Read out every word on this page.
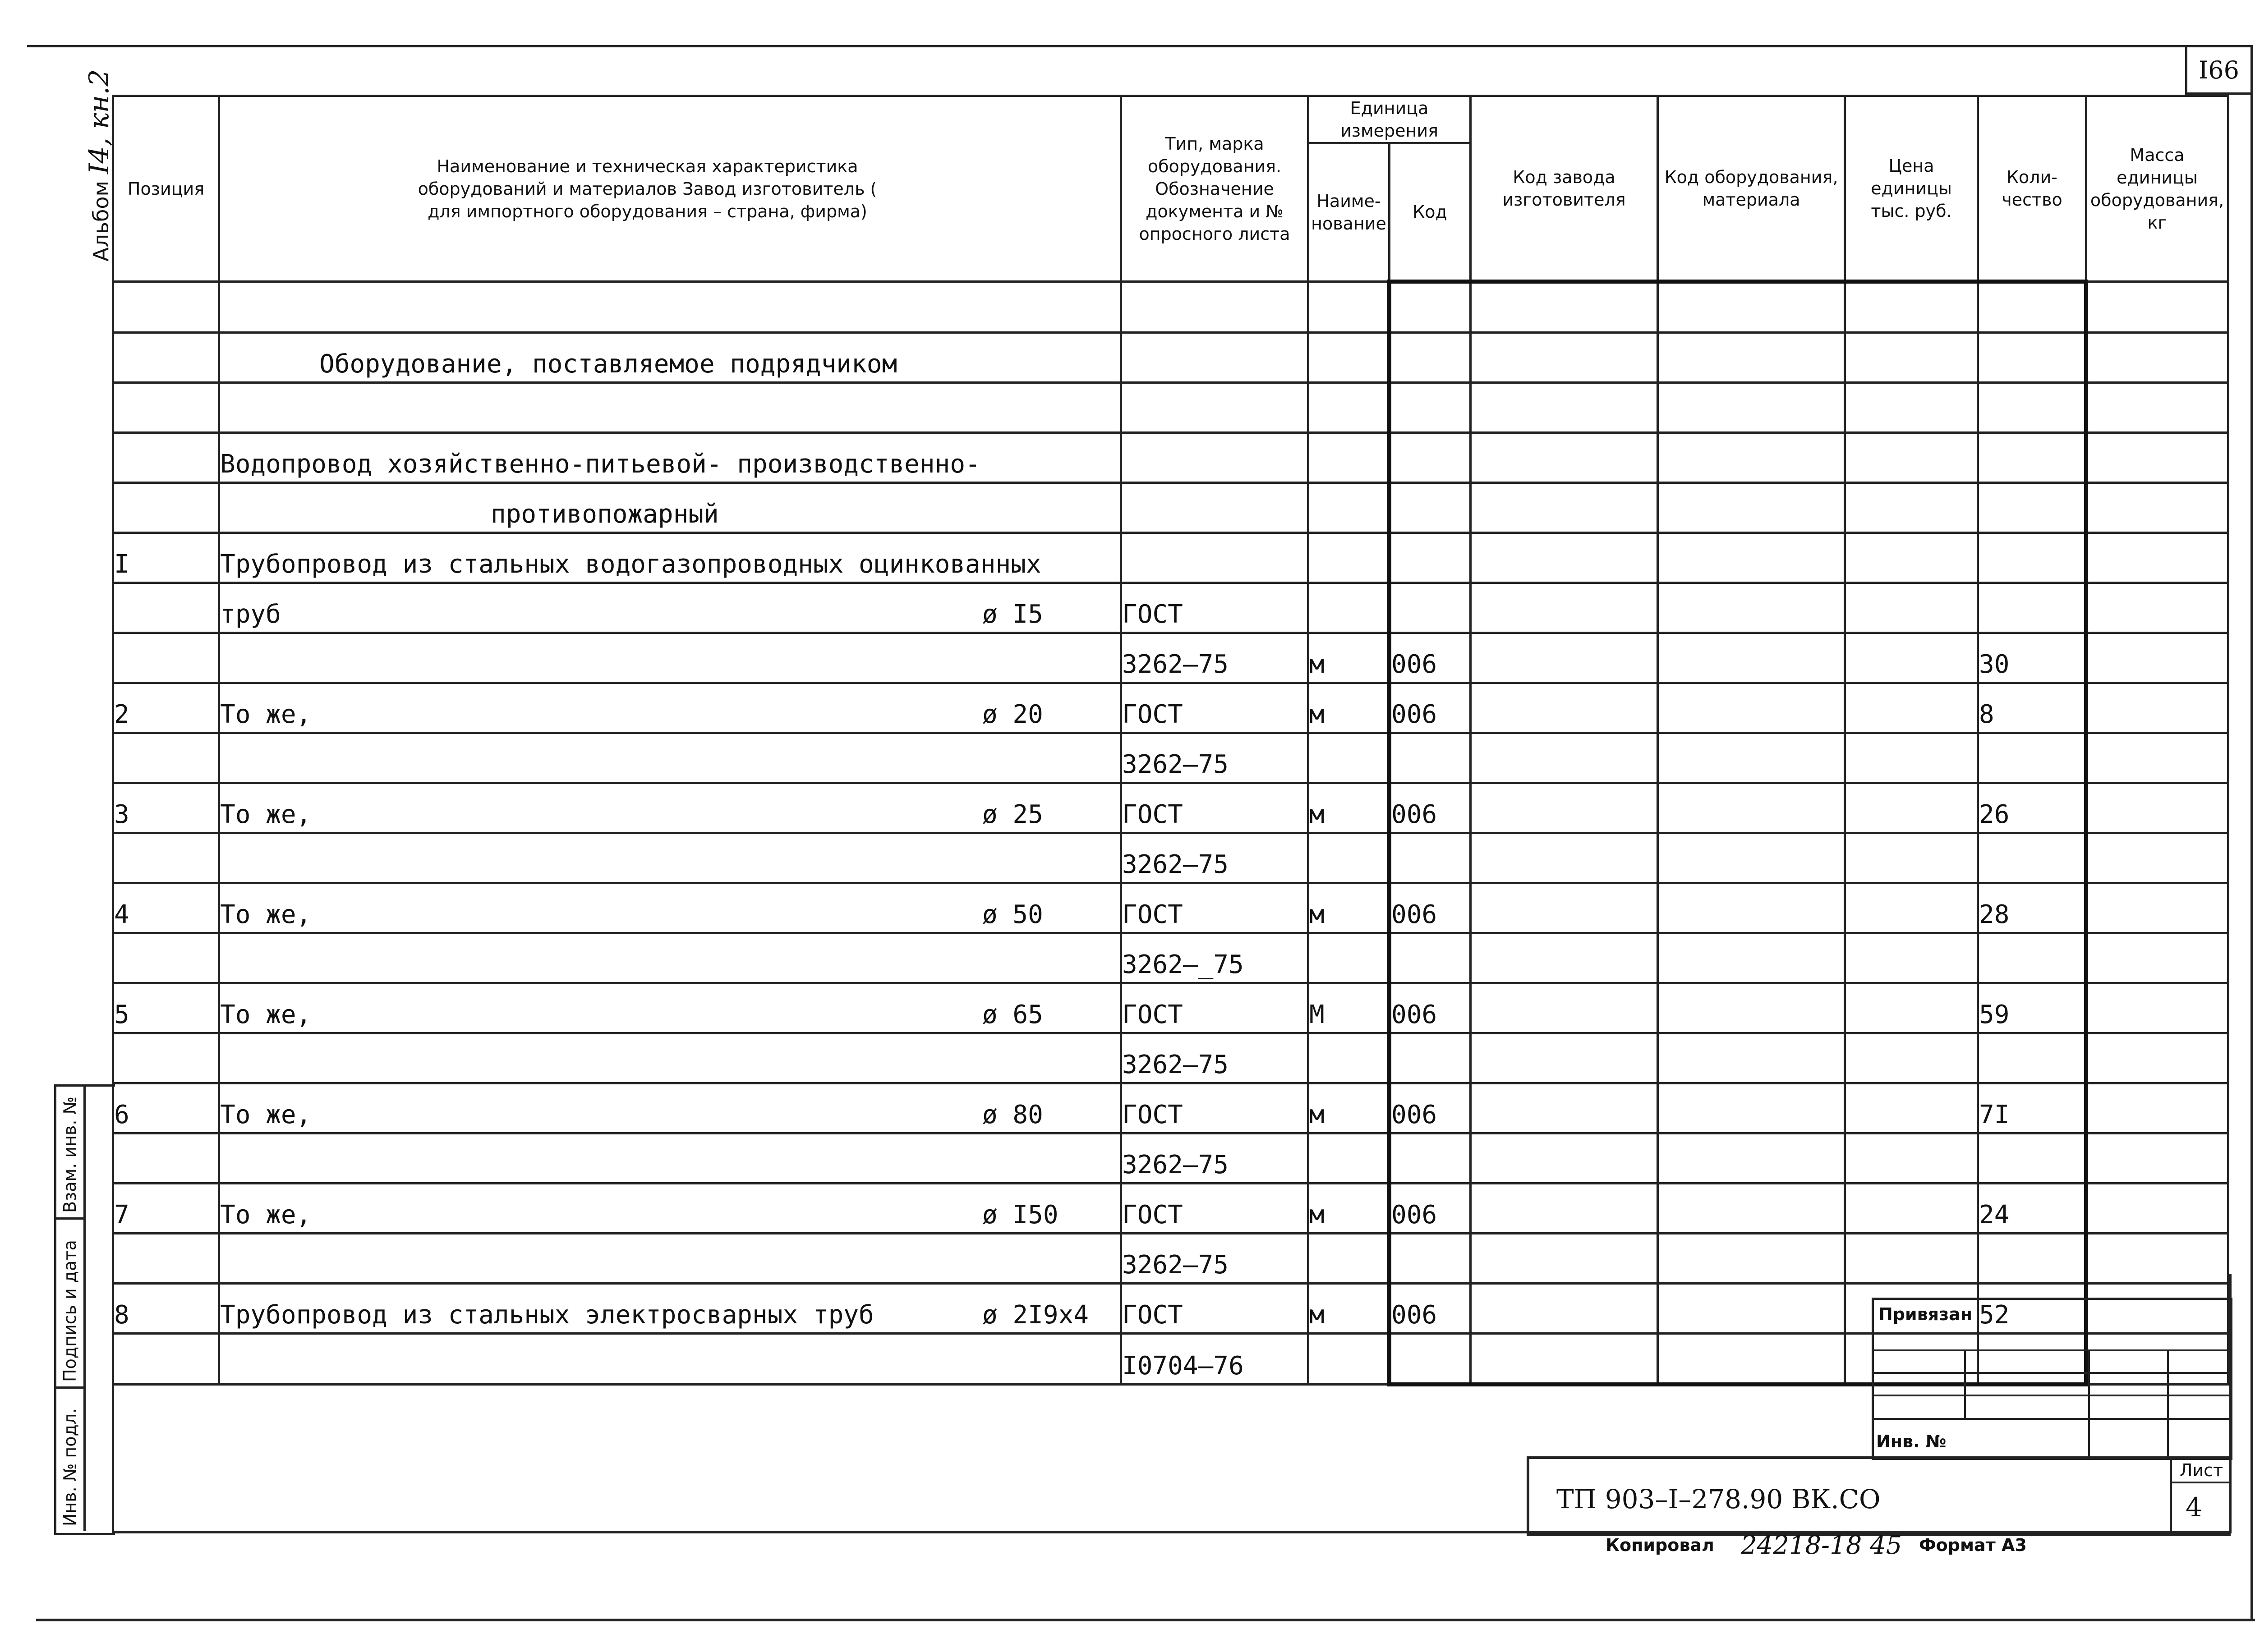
I66
Альбом I4, кн.2
Позиция	Наименование и техническая характеристика оборудований и материалов Завод изготовитель ( для импортного оборудования – страна, фирма)	Тип, марка оборудования. Обозначение документа и № опросного листа	Единица измерения		Код завода изготовителя	Код оборудования, материала	Цена единицы тыс. руб.	Коли- чество	Масса единицы оборудования, кг
			Наиме- нование	Код					

	Оборудование, поставляемое подрядчиком

	Водопровод хозяйственно-питьевой- производственно-

	противопожарный

I	Трубопровод из стальных водогазопроводных оцинкованных

	труб ø I5	ГОСТ							

	3262–75	м	006				30	
2	То же, ø 20	ГОСТ	м	006				8	

	3262–75							
3	То же, ø 25	ГОСТ	м	006				26	

	3262–75							
4	То же, ø 50	ГОСТ	м	006				28	

	3262–_75							
5	То же, ø 65	ГОСТ	М	006				59	

	3262–75							
6	То же, ø 80	ГОСТ	м	006				7I	

	3262–75							
7	То же, ø I50	ГОСТ	м	006				24	

	3262–75							
8	Трубопровод из стальных электросварных труб ø 2I9x4	ГОСТ	м	006				52	

	I0704–76							
Взам. инв. №
Подпись и дата
Инв. № подл.
Привязан
Инв. №
ТП 903–I–278.90 ВК.СО
Лист
4
Копировал 24218-18 45 Формат А3
